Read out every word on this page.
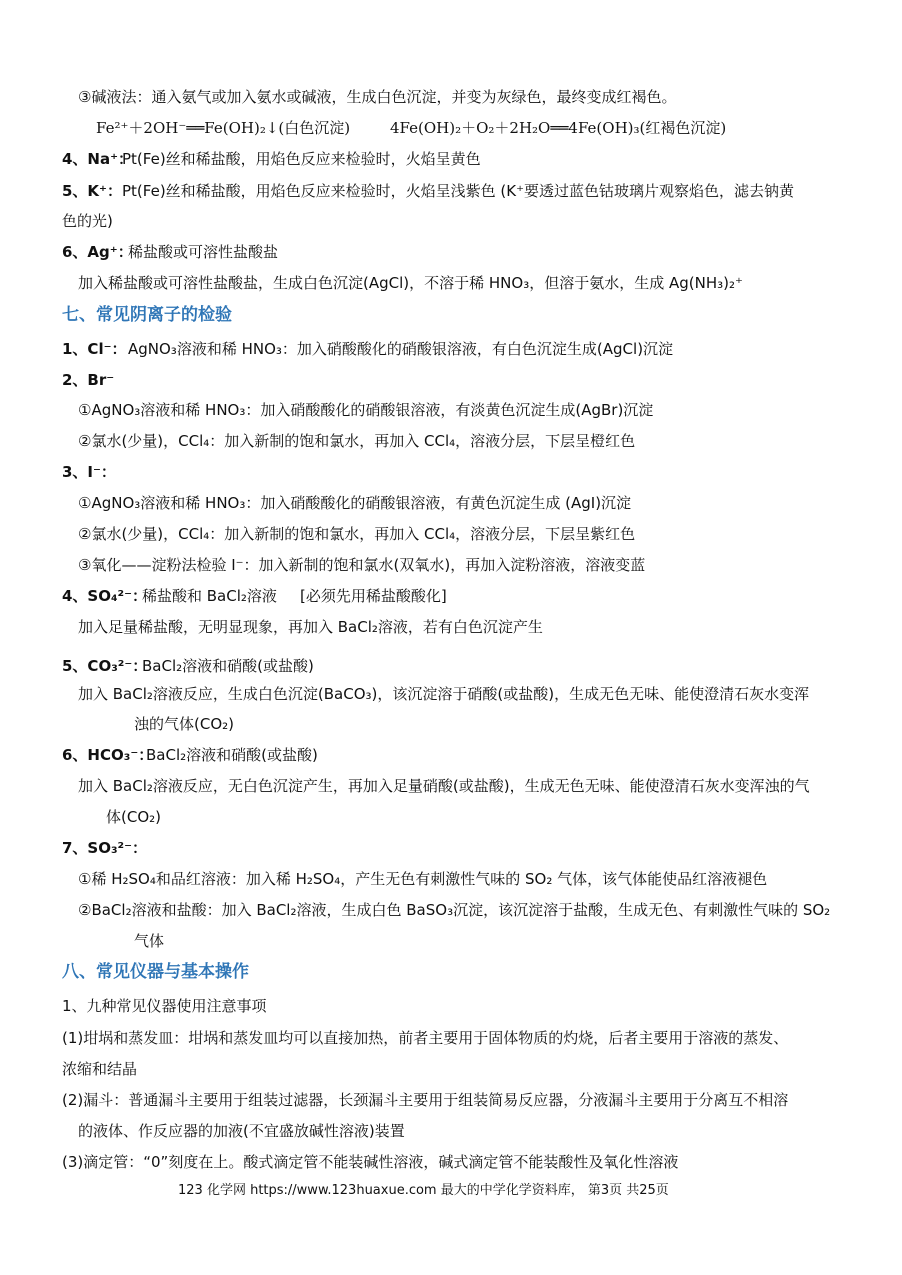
③碱液法：通入氨气或加入氨水或碱液，生成白色沉淀，并变为灰绿色，最终变成红褐色。
Fe²⁺＋2OH⁻══Fe(OH)₂↓(白色沉淀)	4Fe(OH)₂＋O₂＋2H₂O══4Fe(OH)₃(红褐色沉淀)
4、Na⁺：
Pt(Fe)丝和稀盐酸，用焰色反应来检验时，火焰呈黄色
5、K⁺： Pt(Fe)丝和稀盐酸，用焰色反应来检验时，火焰呈浅紫色 (K⁺要透过蓝色钴玻璃片观察焰色，滤去钠黄
色的光)
6、Ag⁺：
稀盐酸或可溶性盐酸盐
加入稀盐酸或可溶性盐酸盐，生成白色沉淀(AgCl)，不溶于稀 HNO₃，但溶于氨水，生成 Ag(NH₃)₂⁺
七、常见阴离子的检验
1、Cl⁻： AgNO₃溶液和稀 HNO₃：加入硝酸酸化的硝酸银溶液，有白色沉淀生成(AgCl)沉淀
2、Br⁻
①AgNO₃溶液和稀 HNO₃：加入硝酸酸化的硝酸银溶液，有淡黄色沉淀生成(AgBr)沉淀
②氯水(少量)，CCl₄：加入新制的饱和氯水，再加入 CCl₄，溶液分层，下层呈橙红色
3、I⁻：
①AgNO₃溶液和稀 HNO₃：加入硝酸酸化的硝酸银溶液，有黄色沉淀生成 (AgI)沉淀
②氯水(少量)，CCl₄：加入新制的饱和氯水，再加入 CCl₄，溶液分层，下层呈紫红色
③氧化——淀粉法检验 I⁻：加入新制的饱和氯水(双氧水)，再加入淀粉溶液，溶液变蓝
4、SO₄²⁻：
稀盐酸和 BaCl₂溶液 [必须先用稀盐酸酸化]
加入足量稀盐酸，无明显现象，再加入 BaCl₂溶液，若有白色沉淀产生
5、CO₃²⁻：
BaCl₂溶液和硝酸(或盐酸)
加入 BaCl₂溶液反应，生成白色沉淀(BaCO₃)，该沉淀溶于硝酸(或盐酸)，生成无色无味、能使澄清石灰水变浑
浊的气体(CO₂)
6、HCO₃⁻：
BaCl₂溶液和硝酸(或盐酸)
加入 BaCl₂溶液反应，无白色沉淀产生，再加入足量硝酸(或盐酸)，生成无色无味、能使澄清石灰水变浑浊的气
体(CO₂)
7、SO₃²⁻：
①稀 H₂SO₄和品红溶液：加入稀 H₂SO₄，产生无色有刺激性气味的 SO₂ 气体，该气体能使品红溶液褪色
②BaCl₂溶液和盐酸：加入 BaCl₂溶液，生成白色 BaSO₃沉淀，该沉淀溶于盐酸，生成无色、有刺激性气味的 SO₂
气体
八、常见仪器与基本操作
1、九种常见仪器使用注意事项
(1)坩埚和蒸发皿：坩埚和蒸发皿均可以直接加热，前者主要用于固体物质的灼烧，后者主要用于溶液的蒸发、
浓缩和结晶
(2)漏斗：普通漏斗主要用于组装过滤器，长颈漏斗主要用于组装简易反应器，分液漏斗主要用于分离互不相溶
的液体、作反应器的加液(不宜盛放碱性溶液)装置
(3)滴定管：“0”刻度在上。酸式滴定管不能装碱性溶液，碱式滴定管不能装酸性及氧化性溶液
123 化学网 https://www.123huaxue.com 最大的中学化学资料库， 第3页 共25页
